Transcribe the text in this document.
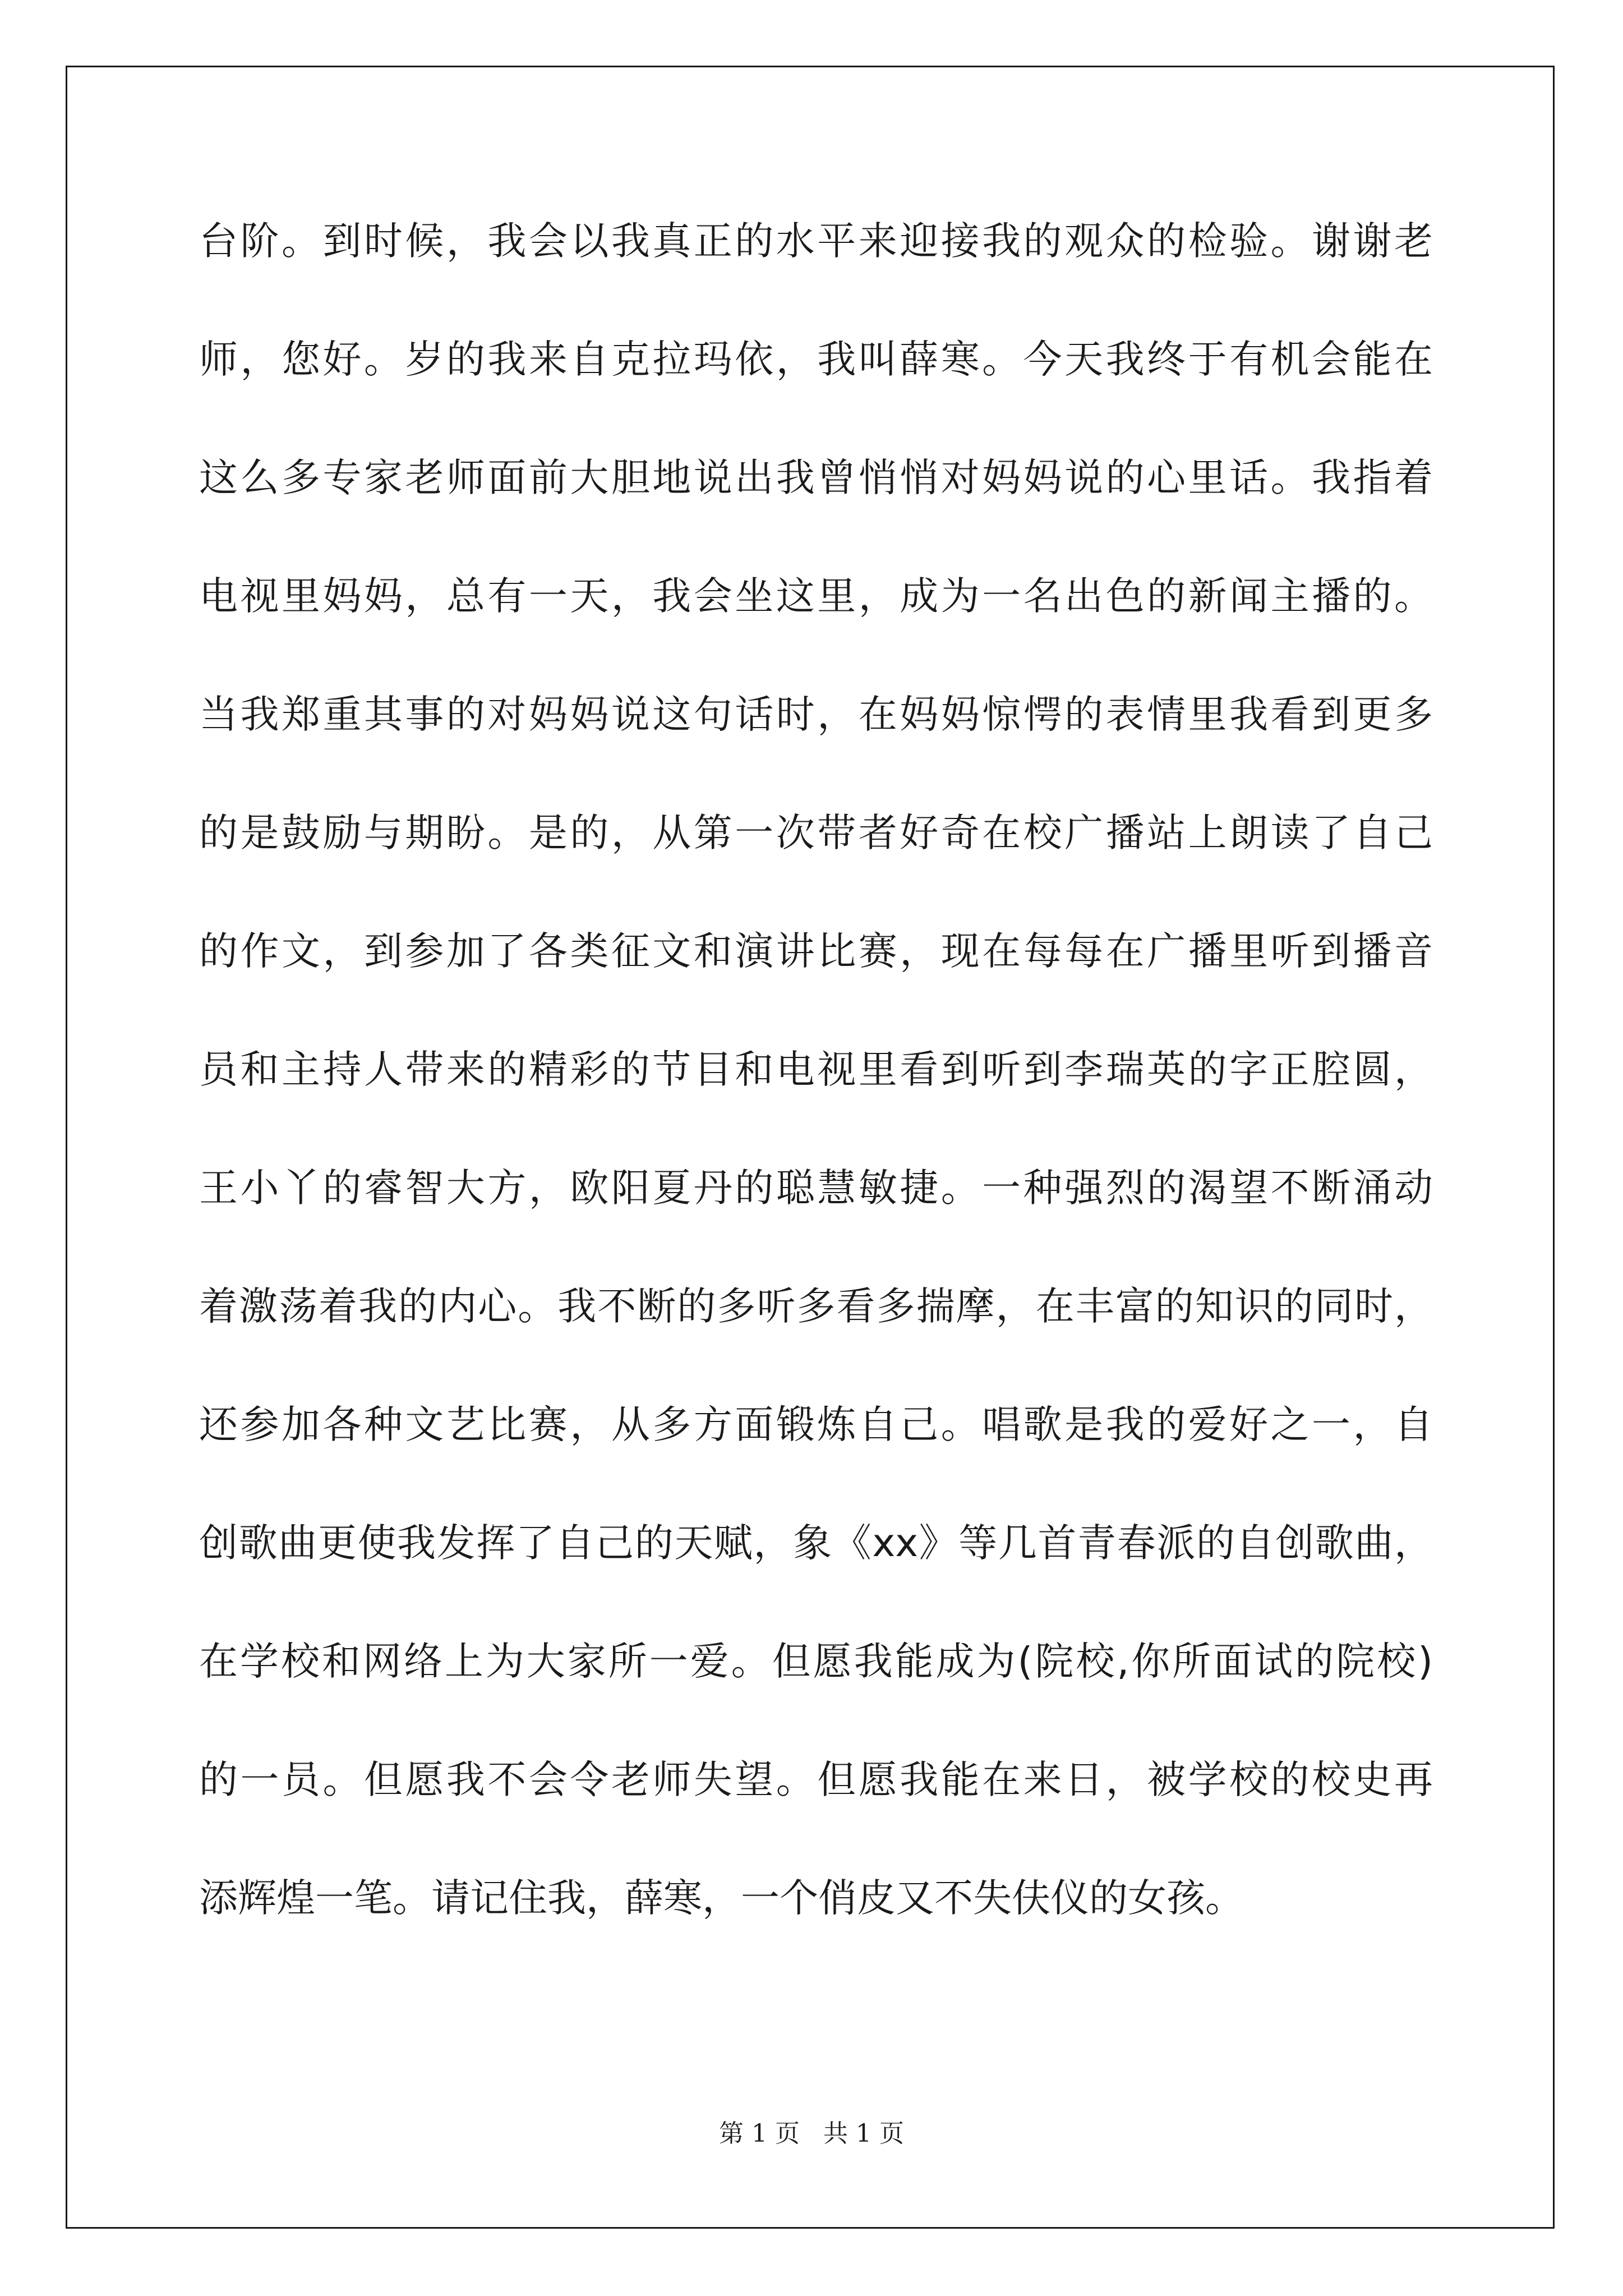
台阶。到时候，我会以我真正的水平来迎接我的观众的检验。谢谢老
师，您好。岁的我来自克拉玛依，我叫薛寒。今天我终于有机会能在
这么多专家老师面前大胆地说出我曾悄悄对妈妈说的心里话。我指着
电视里妈妈，总有一天，我会坐这里，成为一名出色的新闻主播的。
当我郑重其事的对妈妈说这句话时，在妈妈惊愕的表情里我看到更多
的是鼓励与期盼。是的，从第一次带者好奇在校广播站上朗读了自己
的作文，到参加了各类征文和演讲比赛，现在每每在广播里听到播音
员和主持人带来的精彩的节目和电视里看到听到李瑞英的字正腔圆，
王小丫的睿智大方，欧阳夏丹的聪慧敏捷。一种强烈的渴望不断涌动
着激荡着我的内心。我不断的多听多看多揣摩，在丰富的知识的同时，
还参加各种文艺比赛，从多方面锻炼自己。唱歌是我的爱好之一，自
创歌曲更使我发挥了自己的天赋，象《xx》等几首青春派的自创歌曲，
在学校和网络上为大家所一爱。但愿我能成为(院校,你所面试的院校)
的一员。但愿我不会令老师失望。但愿我能在来日，被学校的校史再
添辉煌一笔。请记住我，薛寒，一个俏皮又不失伕仪的女孩。
第 1 页   共 1 页
